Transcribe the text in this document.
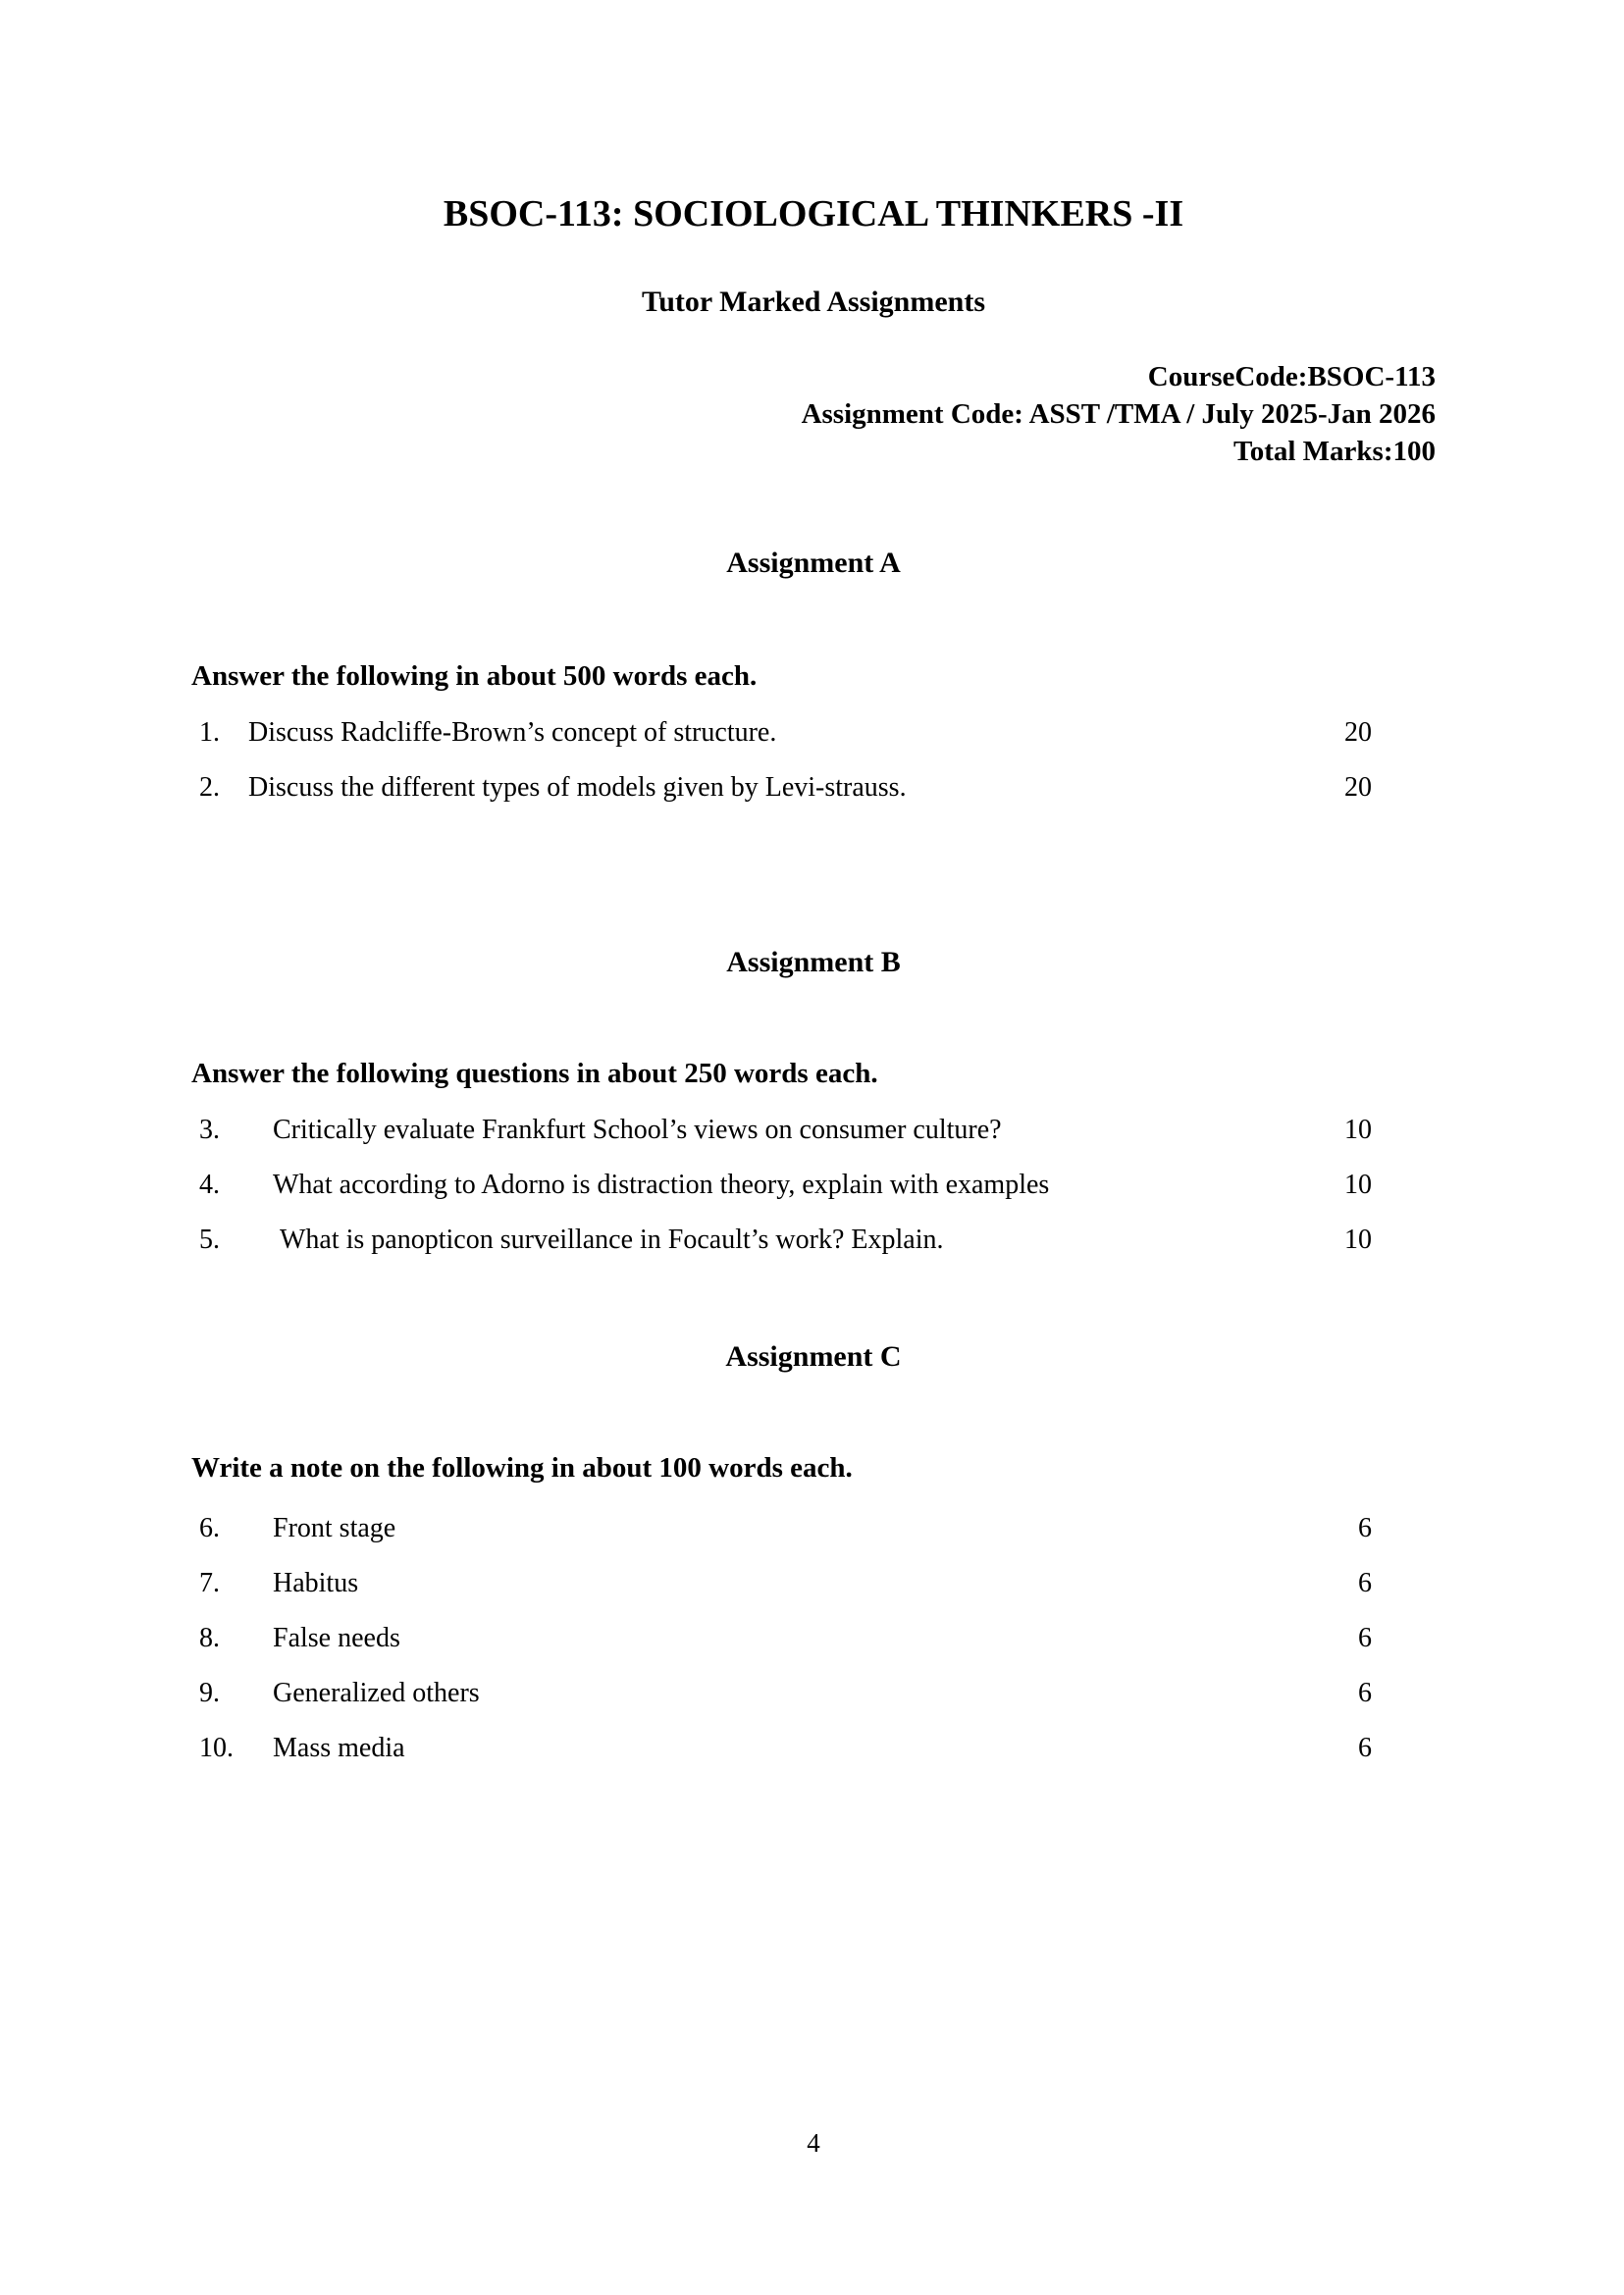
BSOC-113: SOCIOLOGICAL THINKERS -II
Tutor Marked Assignments

CourseCode:BSOC-113

Assignment Code: ASST /TMA / July 2025-Jan 2026

Total Marks:100

Assignment A

Answer the following in about 500 words each.

1.	Discuss Radcliffe-Brown’s concept of structure.	20
2.	Discuss the different types of models given by Levi-strauss.	20
Assignment B

Answer the following questions in about 250 words each.

3.	Critically evaluate Frankfurt School’s views on consumer culture?	10
4.	What according to Adorno is distraction theory, explain with examples	10
5.	What is panopticon surveillance in Focault’s work? Explain.	10
Assignment C

Write a note on the following in about 100 words each.

6.	Front stage	6
7.	Habitus	6
8.	False needs	6
9.	Generalized others	6
10.	Mass media	6
4
